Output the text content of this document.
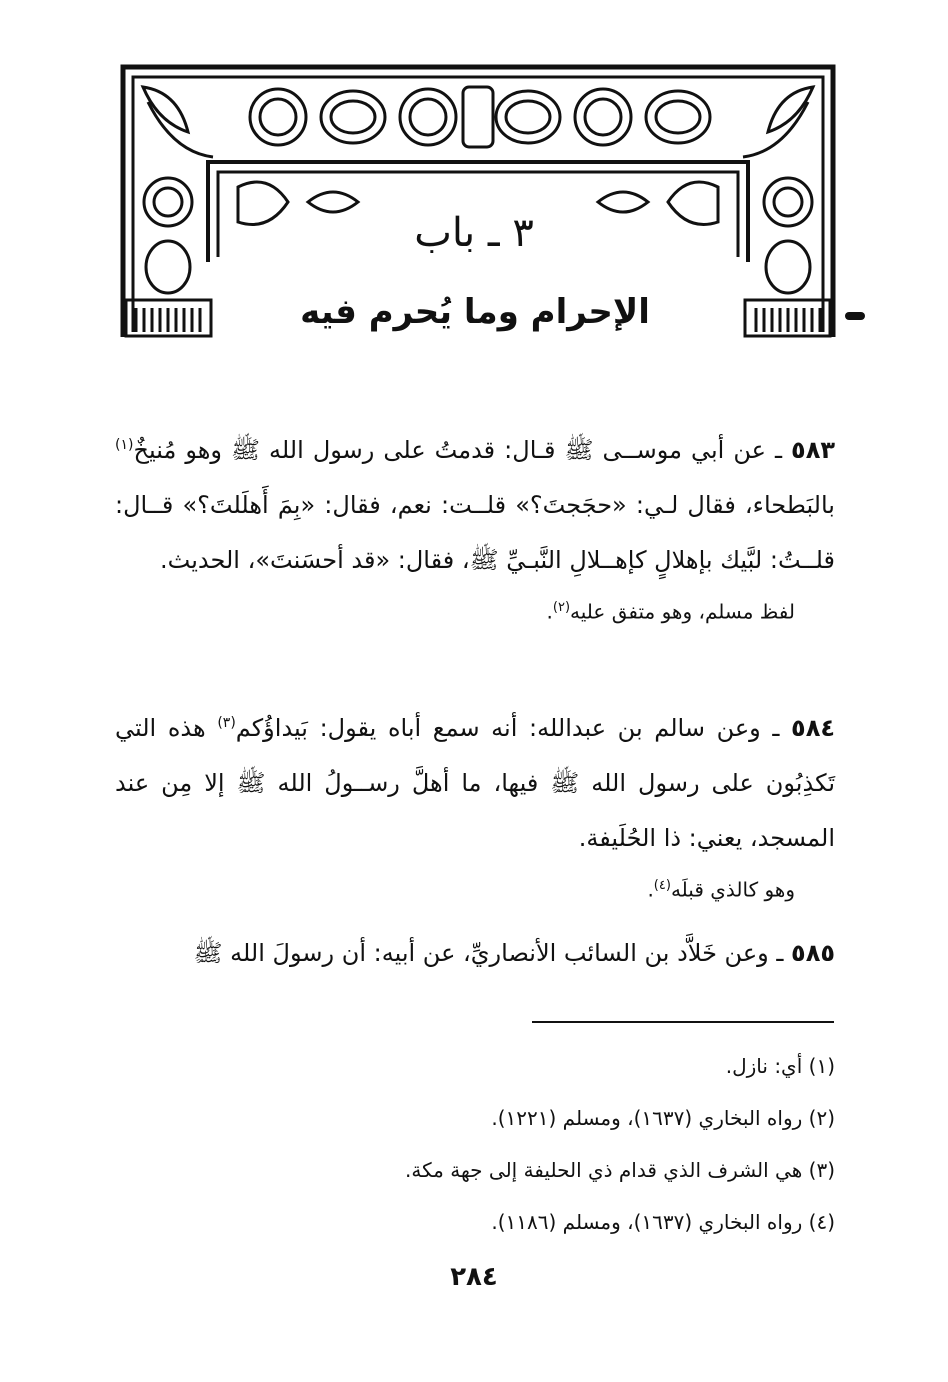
٣ ـ باب
الإحرام وما يُحرم فيه

٥٨٣ ـ عن أبي موســى ﷺ قـال: قدمتُ على رسول الله ﷺ وهو مُنيخٌ$^{(١)}$ بالبَطحاء، فقال لـي: «حجَجتَ؟» قلــت: نعم، فقال: «بِمَ أَهلَلتَ؟» قــال: قلــتُ: لبَّيك بإهلالٍ كإهــلالِ النَّبـيِّ ﷺ، فقال: «قد أحسَنتَ»، الحديث.

لفظ مسلم، وهو متفق عليه$^{(٢)}$.

٥٨٤ ـ وعن سالم بن عبدالله: أنه سمع أباه يقول: بَيداؤُكم$^{(٣)}$ هذه التي تَكذِبُون على رسول الله ﷺ فيها، ما أهلَّ رســولُ الله ﷺ إلا مِن عند المسجد، يعني: ذا الحُلَيفة.

وهو كالذي قبلَه$^{(٤)}$.

٥٨٥ ـ وعن خَلاَّد بن السائب الأنصاريِّ، عن أبيه: أن رسولَ الله ﷺ

(١) أي: نازل.

(٢) رواه البخاري (١٦٣٧)، ومسلم (١٢٢١).

(٣) هي الشرف الذي قدام ذي الحليفة إلى جهة مكة.

(٤) رواه البخاري (١٦٣٧)، ومسلم (١١٨٦).

٢٨٤
